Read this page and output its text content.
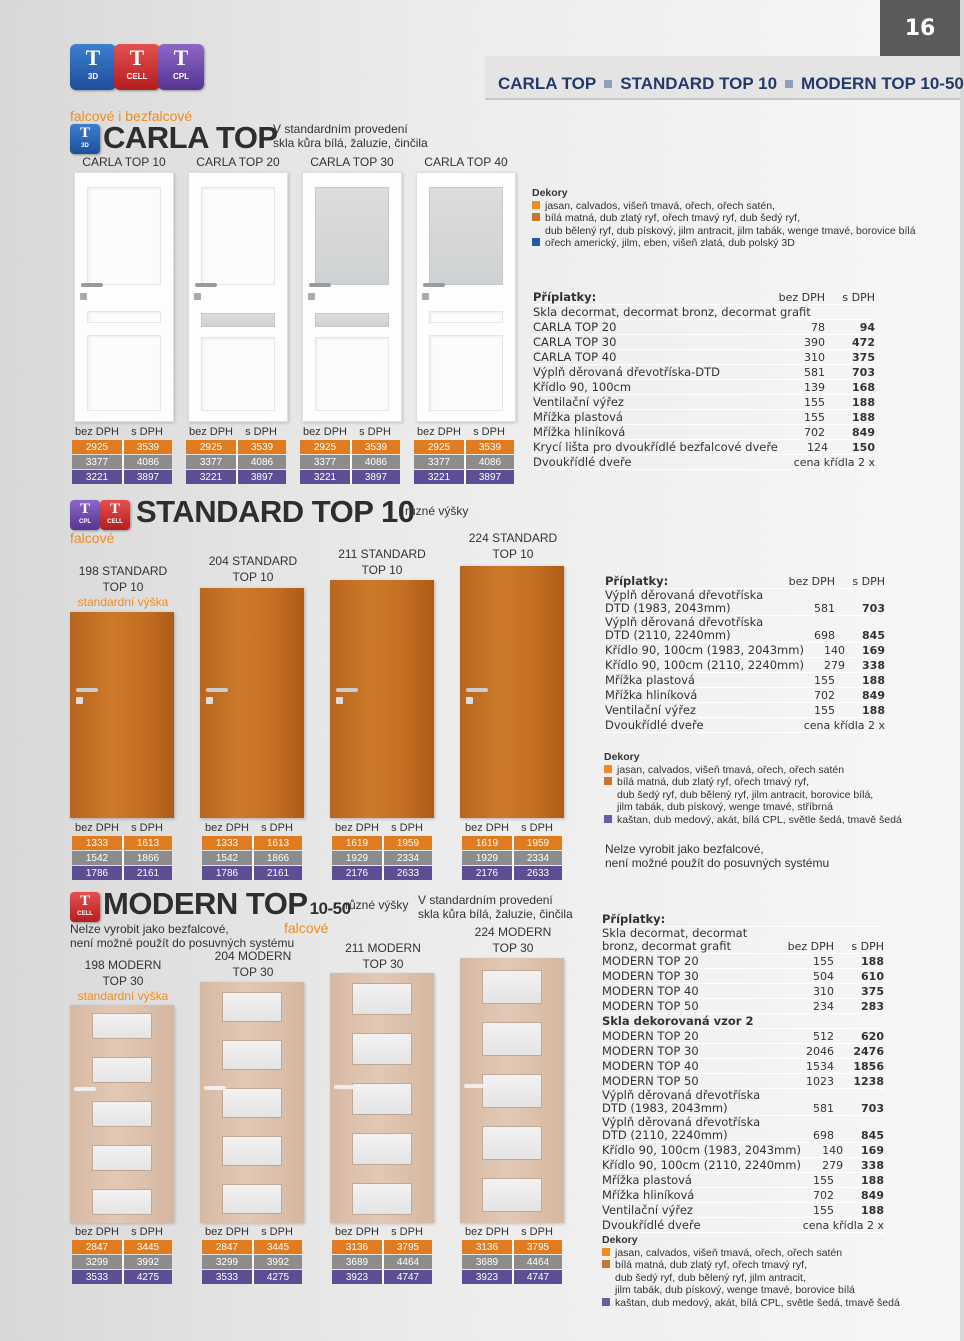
16
CARLA TOP STANDARD TOP 10 MODERN TOP 10-50
T
3D
T
CELL
T
CPL
falcové i bezfalcové
T
3D CARLA TOP
V standardním provedení
skla kůra bílá, žaluzie, činčila
CARLA TOP 10	CARLA TOP 20	CARLA TOP 30	CARLA TOP 40
bez DPH	s DPH
2925	3539
3377	4086
3221	3897
bez DPH	s DPH
2925	3539
3377	4086
3221	3897
bez DPH	s DPH
2925	3539
3377	4086
3221	3897
bez DPH	s DPH
2925	3539
3377	4086
3221	3897
Dekory
jasan, calvados, višeň tmavá, ořech, ořech satén,
bílá matná, dub zlatý ryf, ořech tmavý ryf, dub šedý ryf,
dub bělený ryf, dub pískový, jilm antracit, jilm tabák, wenge tmavé, borovice bílá
ořech americký, jilm, eben, višeň zlatá, dub polský 3D
Příplatky:	bez DPH	s DPH
Skla decormat, decormat bronz, decormat grafit
CARLA TOP 20	78	94
CARLA TOP 30	390	472
CARLA TOP 40	310	375
Výplň děrovaná dřevotříska-DTD	581	703
Křídlo 90, 100cm	139	168
Ventilační výřez	155	188
Mřížka plastová	155	188
Mřížka hliníková	702	849
Krycí lišta pro dvoukřídlé bezfalcové dveře	124	150
Dvoukřídlé dveře	cena křídla 2 x
T
CPL
T
CELL STANDARD TOP 10
různé výšky
falcové
198 STANDARD
TOP 10
standardní výška
204 STANDARD
TOP 10
211 STANDARD
TOP 10
224 STANDARD
TOP 10
bez DPH	s DPH
1333	1613
1542	1866
1786	2161
bez DPH	s DPH
1333	1613
1542	1866
1786	2161
bez DPH	s DPH
1619	1959
1929	2334
2176	2633
bez DPH	s DPH
1619	1959
1929	2334
2176	2633
Příplatky:	bez DPH	s DPH
Výplň děrovaná dřevotříska DTD (1983, 2043mm)	581	703
Výplň děrovaná dřevotříska DTD (2110, 2240mm)	698	845
Křídlo 90, 100cm (1983, 2043mm)	140	169
Křídlo 90, 100cm (2110, 2240mm)	279	338
Mřížka plastová	155	188
Mřížka hliníková	702	849
Ventilační výřez	155	188
Dvoukřídlé dveře	cena křídla 2 x
Dekory
jasan, calvados, višeň tmavá, ořech, ořech satén
bílá matná, dub zlatý ryf, ořech tmavý ryf,
dub šedý ryf, dub bělený ryf, jilm antracit, borovice bílá,
jilm tabák, dub pískový, wenge tmavé, stříbrná
kaštan, dub medový, akát, bílá CPL, světle šedá, tmavě šedá
Nelze vyrobit jako bezfalcové,
není možné použít do posuvných systému
T
CELL MODERN TOP 10-50
různé výšky V standardním provedení
skla kůra bílá, žaluzie, činčila
falcové
Nelze vyrobit jako bezfalcové,
není možné použít do posuvných systému
198 MODERN
TOP 30
standardní výška
204 MODERN
TOP 30
211 MODERN
TOP 30
224 MODERN
TOP 30
bez DPH	s DPH
2847	3445
3299	3992
3533	4275
bez DPH	s DPH
2847	3445
3299	3992
3533	4275
bez DPH	s DPH
3136	3795
3689	4464
3923	4747
bez DPH	s DPH
3136	3795
3689	4464
3923	4747
Příplatky:
Skla decormat, decormat bronz, decormat grafit	bez DPH	s DPH
MODERN TOP 20	155	188
MODERN TOP 30	504	610
MODERN TOP 40	310	375
MODERN TOP 50	234	283
Skla dekorovaná vzor 2
MODERN TOP 20	512	620
MODERN TOP 30	2046	2476
MODERN TOP 40	1534	1856
MODERN TOP 50	1023	1238
Výplň děrovaná dřevotříska DTD (1983, 2043mm)	581	703
Výplň děrovaná dřevotříska DTD (2110, 2240mm)	698	845
Křídlo 90, 100cm (1983, 2043mm)	140	169
Křídlo 90, 100cm (2110, 2240mm)	279	338
Mřížka plastová	155	188
Mřížka hliníková	702	849
Ventilační výřez	155	188
Dvoukřídlé dveře	cena křídla 2 x
Dekory
jasan, calvados, višeň tmavá, ořech, ořech satén
bílá matná, dub zlatý ryf, ořech tmavý ryf,
dub šedý ryf, dub bělený ryf, jilm antracit,
jilm tabák, dub pískový, wenge tmavé, borovice bílá
kaštan, dub medový, akát, bílá CPL, světle šedá, tmavě šedá
